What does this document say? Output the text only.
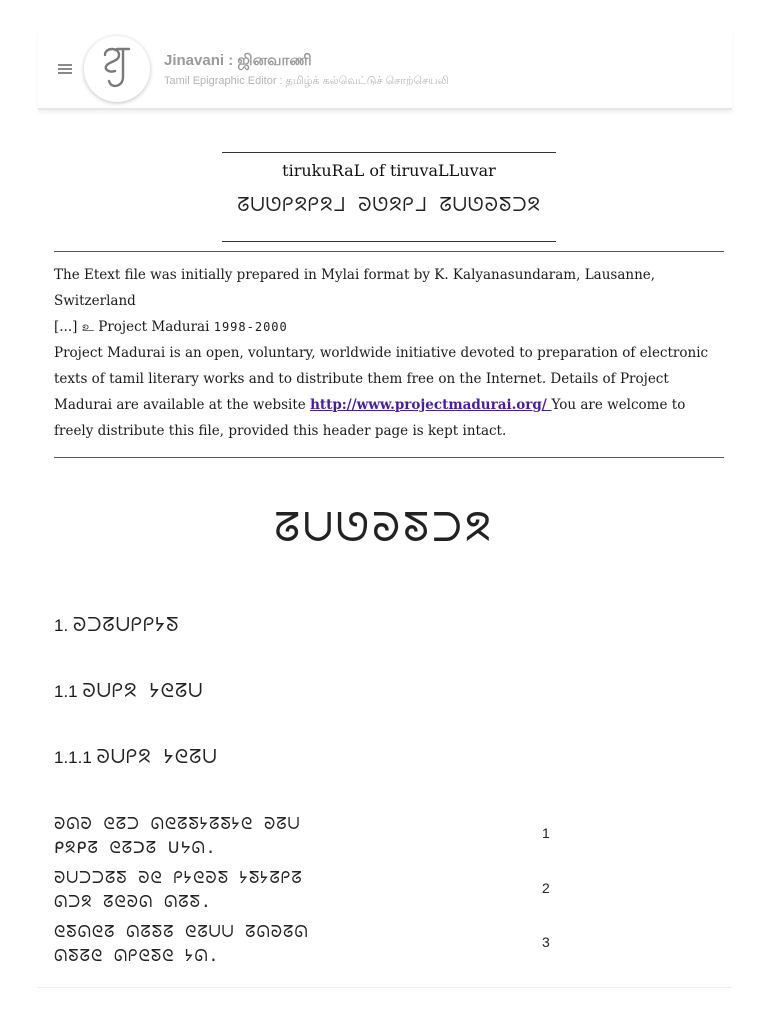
Jinavani : ஜினவாணி
Tamil Epigraphic Editor : தமிழ்க் கல்வெட்டுச் சொற்செயலி
tirukuRaL of tiruvaLLuvar
ᘔᑌᘎᑭᘝᑭᘝᒧ ᘐᘎᘝᑭᒧ ᘔᑌᘎᘐᘕᑐᘝ

The Etext file was initially prepared in Mylai format by K. Kalyanasundaram, Lausanne, Switzerland

[...] உ Project Madurai 1998-2000

Project Madurai is an open, voluntary, worldwide initiative devoted to preparation of electronic texts of tamil literary works and to distribute them free on the Internet. Details of Project Madurai are available at the website http://www.projectmadurai.org/ You are welcome to freely distribute this file, provided this header page is kept intact.

ᘔᑌᘎᘐᘕᑐᘝ
1. ᘐᑐᘔᑌᑭᑭᔭᘕ
1.1 ᘐᑌᑭᘝ ᔭᘓᘔᑌ
1.1.1 ᘐᑌᑭᘝ ᔭᘓᘔᑌ
ᘐᘏᘐ ᘓᘔᑐ ᘏᘓᘔᘕᔭᘔᘕᔭᘓ ᘐᘔᑌ
ᑭᘝᑭᘔ ᘓᘔᑐᘔ ᑌᔭᘏ.
1
ᘐᑌᑐᑐᘔᘕ ᘐᘓ ᑭᔭᘓᘐᘕ ᔭᘕᔭᘔᑭᘔ
ᘏᑐᘝ ᘔᘓᘐᘏ ᘏᘔᘕ.
2
ᘓᘕᘏᘓᘔ ᘏᘔᘕᘔ ᘓᘔᑌᑌ ᘔᘏᘐᘔᘏ
ᘏᘕᘔᘓ ᘏᑭᘓᘕᘓ ᔭᘏ.
3
